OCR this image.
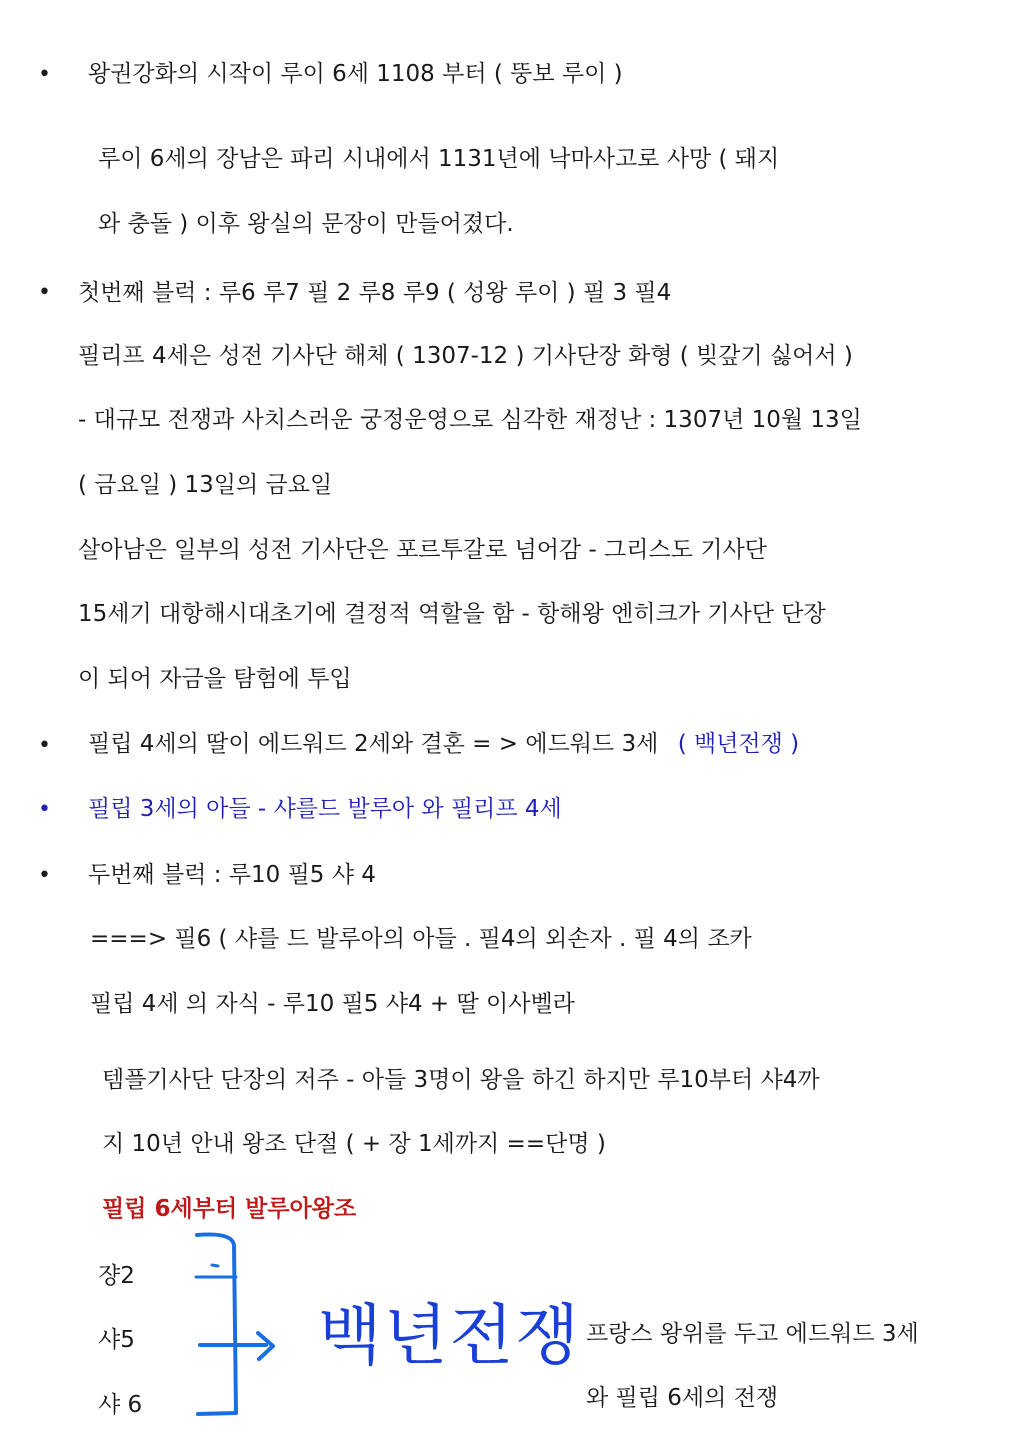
•
•
•
•
•
왕권강화의 시작이 루이 6세 1108 부터 ( 뚱보 루이 )
루이 6세의 장남은 파리 시내에서 1131년에 낙마사고로 사망 ( 돼지
와 충돌 ) 이후 왕실의 문장이 만들어졌다.
첫번째 블럭 : 루6 루7 필 2 루8 루9 ( 성왕 루이 ) 필 3 필4
필리프 4세은 성전 기사단 해체 ( 1307-12 ) 기사단장 화형 ( 빚갚기 싫어서 )
- 대규모 전쟁과 사치스러운 궁정운영으로 심각한 재정난 : 1307년 10월 13일
( 금요일 ) 13일의 금요일
살아남은 일부의 성전 기사단은 포르투갈로 넘어감 - 그리스도 기사단
15세기 대항해시대초기에 결정적 역할을 함 - 항해왕 엔히크가 기사단 단장
이 되어 자금을 탐험에 투입
필립 4세의 딸이 에드워드 2세와 결혼 = > 에드워드 3세 ( 백년전쟁 )
필립 3세의 아들 - 샤를드 발루아 와 필리프 4세
두번째 블럭 : 루10 필5 샤 4
===> 필6 ( 샤를 드 발루아의 아들 . 필4의 외손자 . 필 4의 조카
필립 4세 의 자식 - 루10 필5 샤4 + 딸 이사벨라
템플기사단 단장의 저주 - 아들 3명이 왕을 하긴 하지만 루10부터 샤4까
지 10년 안내 왕조 단절 ( + 장 1세까지 ==단명 )
필립 6세부터 발루아왕조
쟝2
샤5
샤 6
백년전쟁 프랑스 왕위를 두고 에드워드 3세
와 필립 6세의 전쟁
